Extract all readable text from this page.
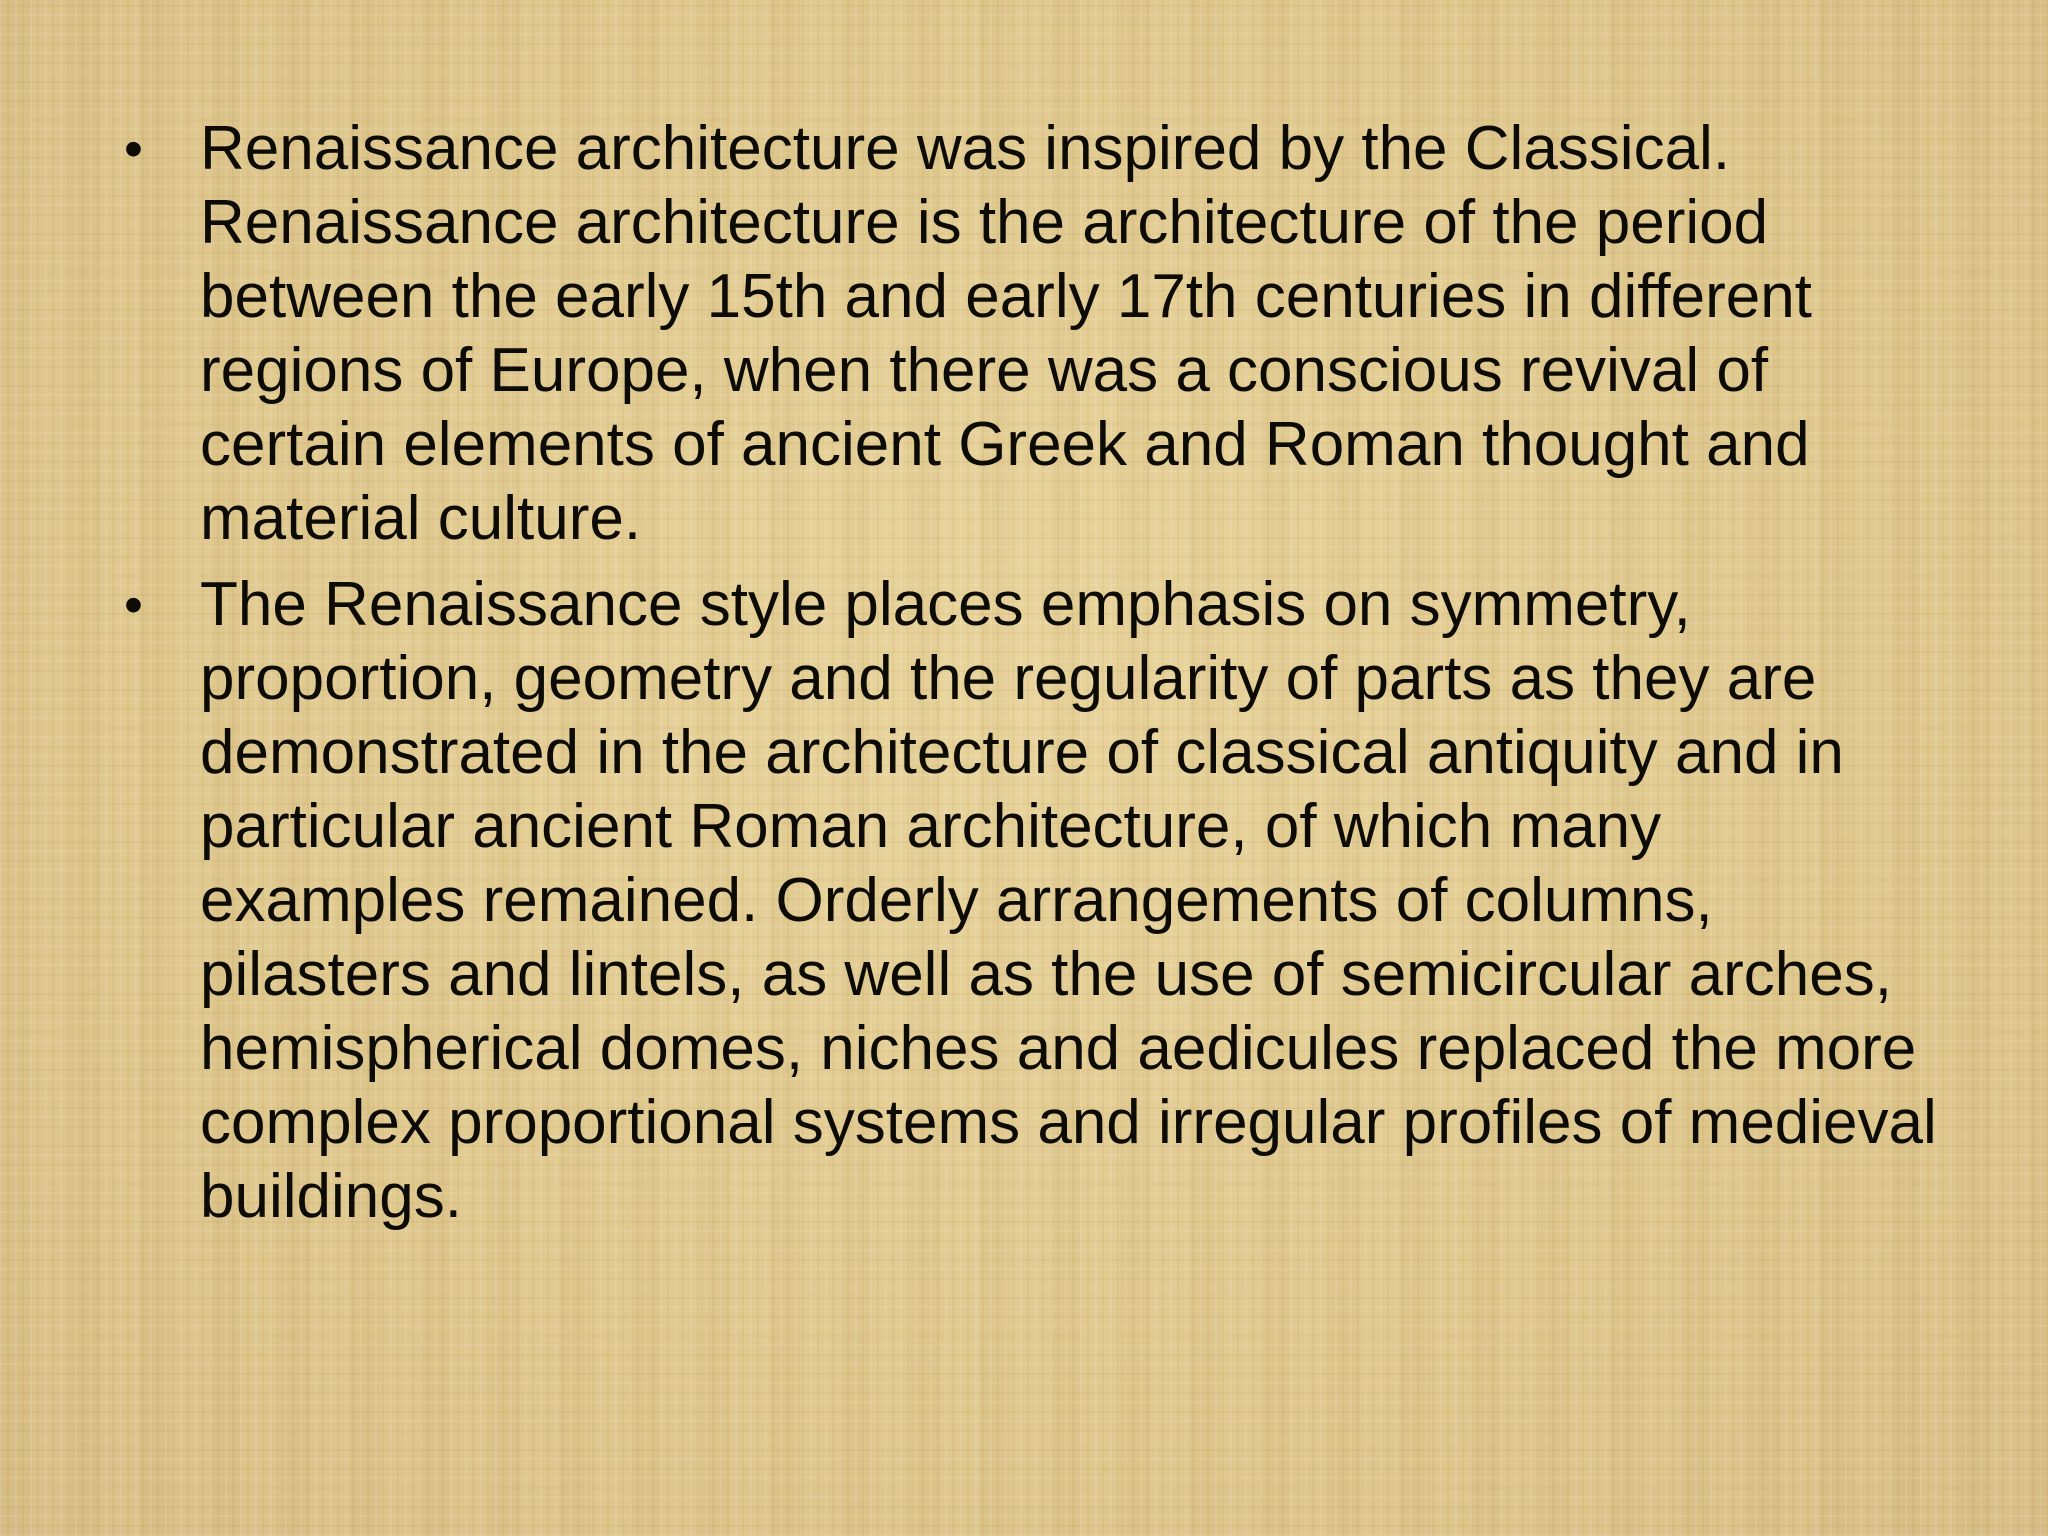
• Renaissance architecture was inspired by the Classical. Renaissance architecture is the architecture of the period between the early 15th and early 17th centuries in different regions of Europe, when there was a conscious revival of certain elements of ancient Greek and Roman thought and material culture.
• The Renaissance style places emphasis on symmetry, proportion, geometry and the regularity of parts as they are demonstrated in the architecture of classical antiquity and in particular ancient Roman architecture, of which many examples remained. Orderly arrangements of columns, pilasters and lintels, as well as the use of semicircular arches, hemispherical domes, niches and aedicules replaced the more complex proportional systems and irregular profiles of medieval buildings.
